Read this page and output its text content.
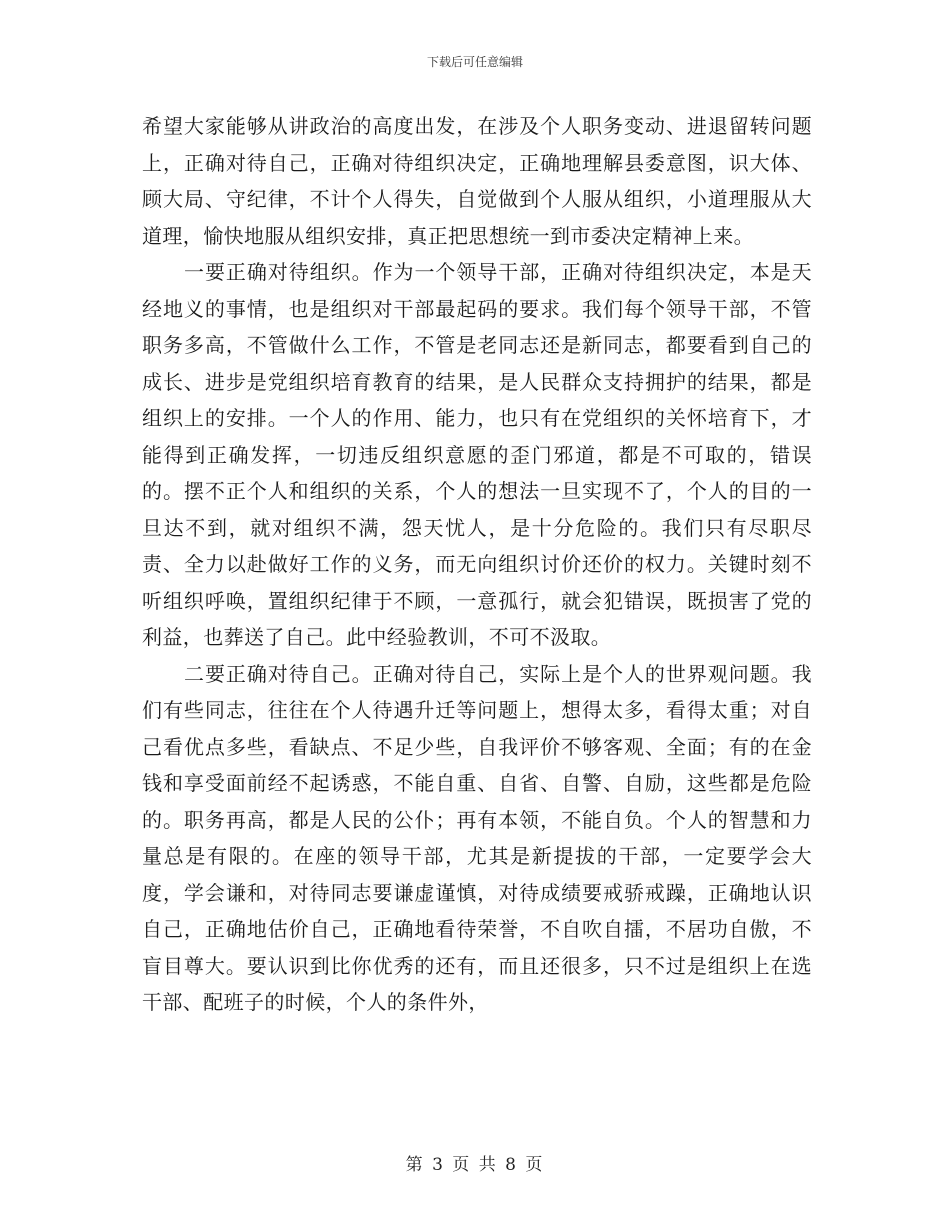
下载后可任意编辑

希望大家能够从讲政治的高度出发，在涉及个人职务变动、进退留转问题上，正确对待自己，正确对待组织决定，正确地理解县委意图，识大体、顾大局、守纪律，不计个人得失，自觉做到个人服从组织，小道理服从大道理，愉快地服从组织安排，真正把思想统一到市委决定精神上来。

一要正确对待组织。作为一个领导干部，正确对待组织决定，本是天经地义的事情，也是组织对干部最起码的要求。我们每个领导干部，不管职务多高，不管做什么工作，不管是老同志还是新同志，都要看到自己的成长、进步是党组织培育教育的结果，是人民群众支持拥护的结果，都是组织上的安排。一个人的作用、能力，也只有在党组织的关怀培育下，才能得到正确发挥，一切违反组织意愿的歪门邪道，都是不可取的，错误的。摆不正个人和组织的关系，个人的想法一旦实现不了，个人的目的一旦达不到，就对组织不满，怨天忧人，是十分危险的。我们只有尽职尽责、全力以赴做好工作的义务，而无向组织讨价还价的权力。关键时刻不听组织呼唤，置组织纪律于不顾，一意孤行，就会犯错误，既损害了党的利益，也葬送了自己。此中经验教训，不可不汲取。

二要正确对待自己。正确对待自己，实际上是个人的世界观问题。我们有些同志，往往在个人待遇升迁等问题上，想得太多，看得太重；对自己看优点多些，看缺点、不足少些，自我评价不够客观、全面；有的在金钱和享受面前经不起诱惑，不能自重、自省、自警、自励，这些都是危险的。职务再高，都是人民的公仆；再有本领，不能自负。个人的智慧和力量总是有限的。在座的领导干部，尤其是新提拔的干部，一定要学会大度，学会谦和，对待同志要谦虚谨慎，对待成绩要戒骄戒躁，正确地认识自己，正确地估价自己，正确地看待荣誉，不自吹自擂，不居功自傲，不盲目尊大。要认识到比你优秀的还有，而且还很多，只不过是组织上在选干部、配班子的时候，个人的条件外，

第 3 页 共 8 页
